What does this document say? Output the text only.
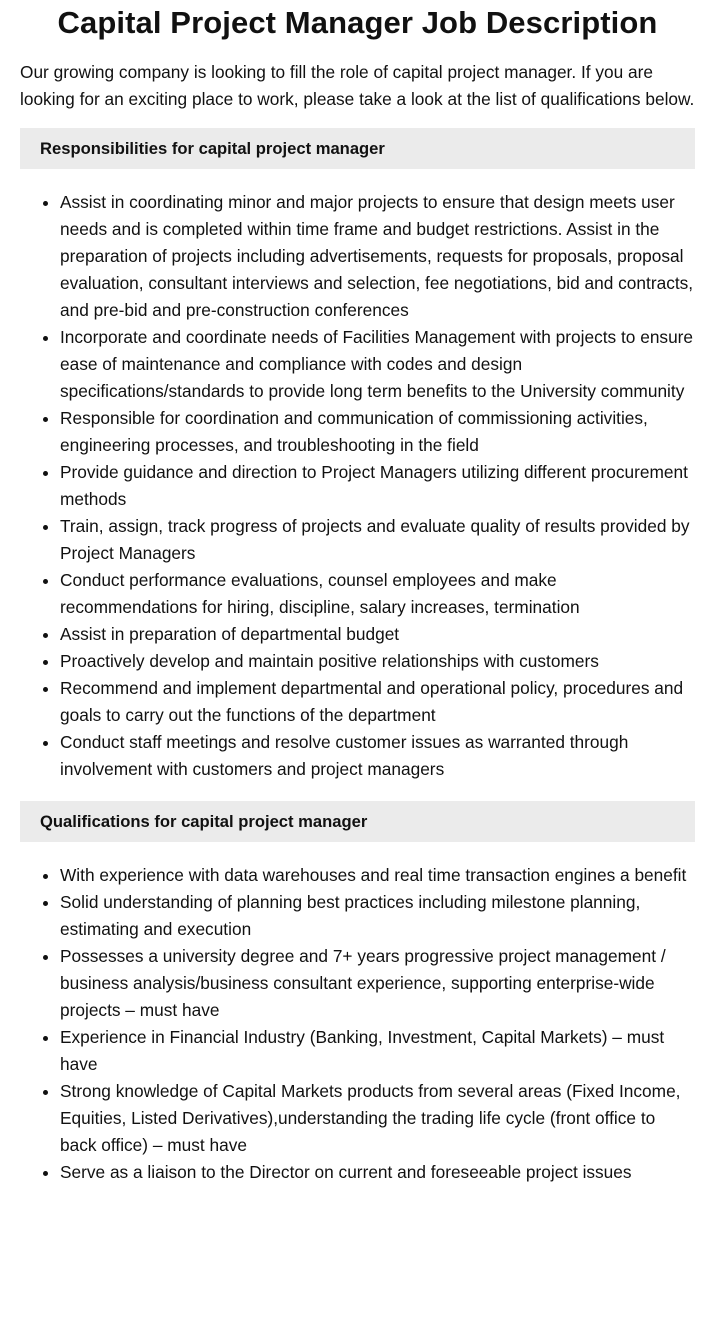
Capital Project Manager Job Description

Our growing company is looking to fill the role of capital project manager. If you are looking for an exciting place to work, please take a look at the list of qualifications below.

Responsibilities for capital project manager
• Assist in coordinating minor and major projects to ensure that design meets user needs and is completed within time frame and budget restrictions. Assist in the preparation of projects including advertisements, requests for proposals, proposal evaluation, consultant interviews and selection, fee negotiations, bid and contracts, and pre-bid and pre-construction conferences
• Incorporate and coordinate needs of Facilities Management with projects to ensure ease of maintenance and compliance with codes and design specifications/standards to provide long term benefits to the University community
• Responsible for coordination and communication of commissioning activities, engineering processes, and troubleshooting in the field
• Provide guidance and direction to Project Managers utilizing different procurement methods
• Train, assign, track progress of projects and evaluate quality of results provided by Project Managers
• Conduct performance evaluations, counsel employees and make recommendations for hiring, discipline, salary increases, termination
• Assist in preparation of departmental budget
• Proactively develop and maintain positive relationships with customers
• Recommend and implement departmental and operational policy, procedures and goals to carry out the functions of the department
• Conduct staff meetings and resolve customer issues as warranted through involvement with customers and project managers
Qualifications for capital project manager
• With experience with data warehouses and real time transaction engines a benefit
• Solid understanding of planning best practices including milestone planning, estimating and execution
• Possesses a university degree and 7+ years progressive project management / business analysis/business consultant experience, supporting enterprise-wide projects – must have
• Experience in Financial Industry (Banking, Investment, Capital Markets) – must have
• Strong knowledge of Capital Markets products from several areas (Fixed Income, Equities, Listed Derivatives),understanding the trading life cycle (front office to back office) – must have
• Serve as a liaison to the Director on current and foreseeable project issues
